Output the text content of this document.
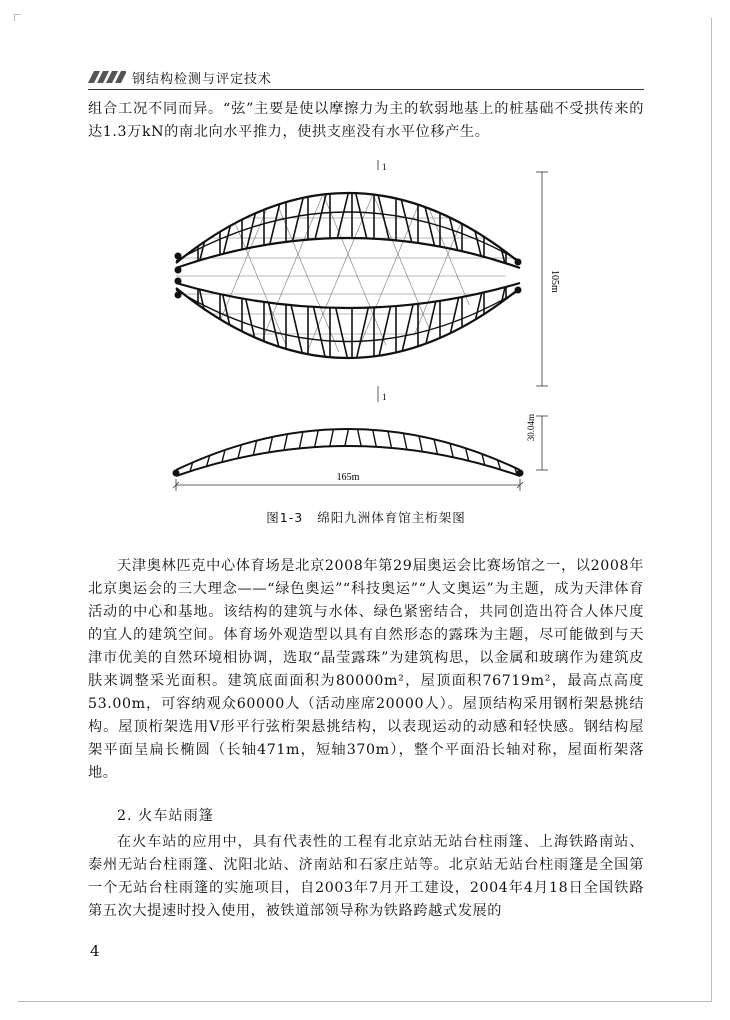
钢结构检测与评定技术

组合工况不同而异。“弦”主要是使以摩擦力为主的软弱地基上的桩基础不受拱传来的达1.3万kN的南北向水平推力，使拱支座没有水平位移产生。

1
1
105m
30.04m
165m
图1-3 绵阳九洲体育馆主桁架图

天津奥林匹克中心体育场是北京2008年第29届奥运会比赛场馆之一，以2008年北京奥运会的三大理念——“绿色奥运”“科技奥运”“人文奥运”为主题，成为天津体育活动的中心和基地。该结构的建筑与水体、绿色紧密结合，共同创造出符合人体尺度的宜人的建筑空间。体育场外观造型以具有自然形态的露珠为主题，尽可能做到与天津市优美的自然环境相协调，选取“晶莹露珠”为建筑构思，以金属和玻璃作为建筑皮肤来调整采光面积。建筑底面面积为80000m²，屋顶面积76719m²，最高点高度53.00m，可容纳观众60000人（活动座席20000人）。屋顶结构采用钢桁架悬挑结构。屋顶桁架选用V形平行弦桁架悬挑结构，以表现运动的动感和轻快感。钢结构屋架平面呈扁长椭圆（长轴471m，短轴370m），整个平面沿长轴对称，屋面桁架落地。

2. 火车站雨篷

在火车站的应用中，具有代表性的工程有北京站无站台柱雨篷、上海铁路南站、泰州无站台柱雨篷、沈阳北站、济南站和石家庄站等。北京站无站台柱雨篷是全国第一个无站台柱雨篷的实施项目，自2003年7月开工建设，2004年4月18日全国铁路第五次大提速时投入使用，被铁道部领导称为铁路跨越式发展的

4
